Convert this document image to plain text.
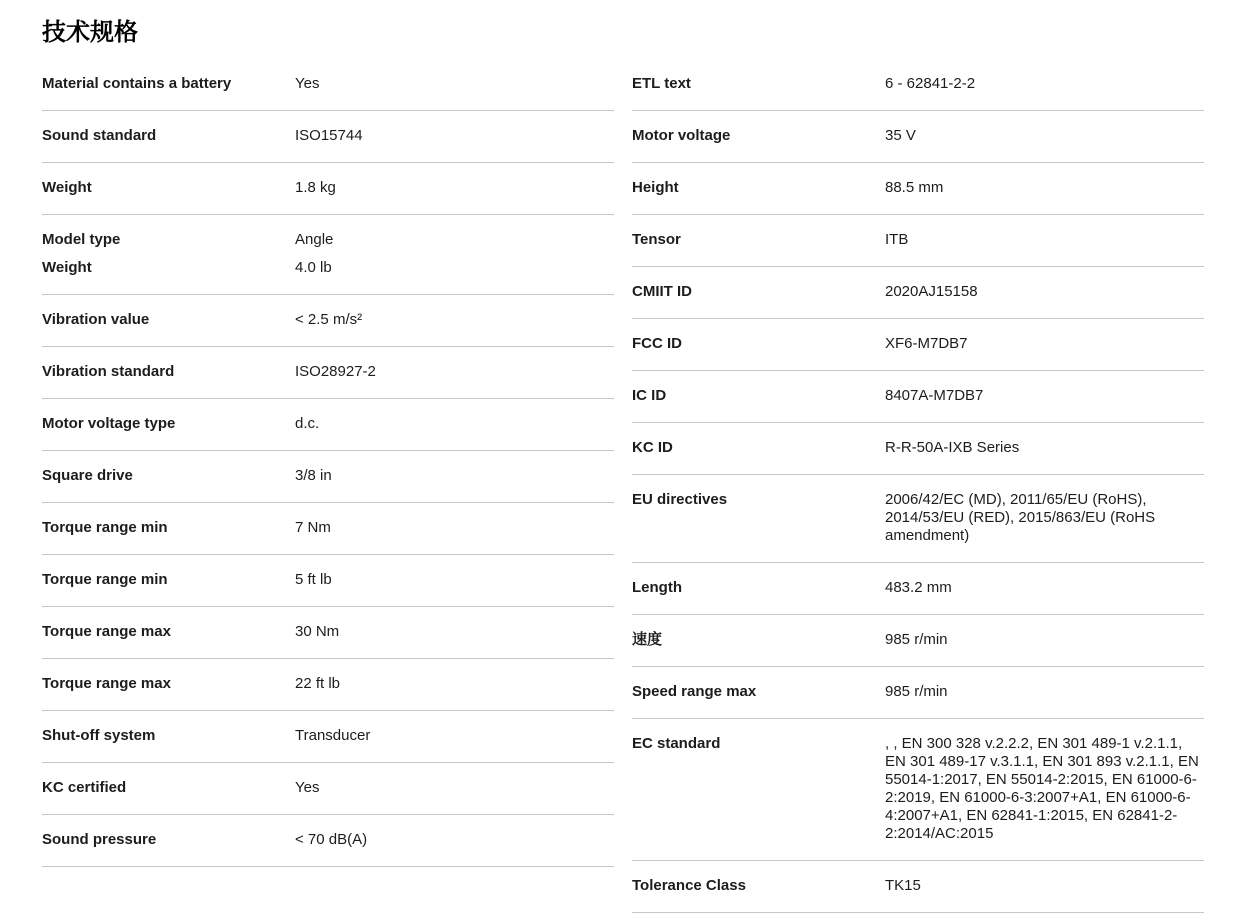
技术规格
Material contains a battery	Yes
Sound standard	ISO15744
Weight	1.8 kg
Model type	Angle
Weight	4.0 lb
Vibration value	< 2.5 m/s²
Vibration standard	ISO28927-2
Motor voltage type	d.c.
Square drive	3/8 in
Torque range min	7 Nm
Torque range min	5 ft lb
Torque range max	30 Nm
Torque range max	22 ft lb
Shut-off system	Transducer
KC certified	Yes
Sound pressure	< 70 dB(A)
ETL text	6 - 62841-2-2
Motor voltage	35 V
Height	88.5 mm
Tensor	ITB
CMIIT ID	2020AJ15158
FCC ID	XF6-M7DB7
IC ID	8407A-M7DB7
KC ID	R-R-50A-IXB Series
EU directives	2006/42/EC (MD), 2011/65/EU (RoHS), 2014/53/EU (RED), 2015/863/EU (RoHS amendment)
Length	483.2 mm
速度	985 r/min
Speed range max	985 r/min
EC standard	, , EN 300 328 v.2.2.2, EN 301 489-1 v.2.1.1, EN 301 489-17 v.3.1.1, EN 301 893 v.2.1.1, EN 55014-1:2017, EN 55014-2:2015, EN 61000-6-2:2019, EN 61000-6-3:2007+A1, EN 61000-6-4:2007+A1, EN 62841-1:2015, EN 62841-2-2:2014/AC:2015
Tolerance Class	TK15
